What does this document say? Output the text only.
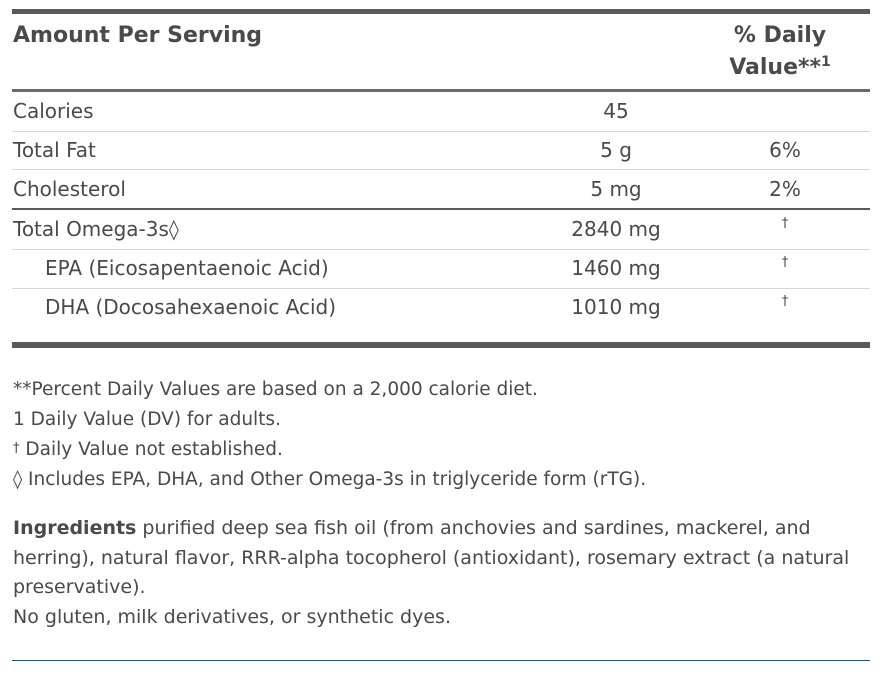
Amount Per Serving	% Daily
Value**$^1$
Calories	45
Total Fat	5 g	6%
Cholesterol	5 mg	2%
Total Omega-3s◊	2840 mg	†
EPA (Eicosapentaenoic Acid)	1460 mg	†
DHA (Docosahexaenoic Acid)	1010 mg	†
**Percent Daily Values are based on a 2,000 calorie diet.
1 Daily Value (DV) for adults.
† Daily Value not established.
◊ Includes EPA, DHA, and Other Omega-3s in triglyceride form (rTG).
Ingredients purified deep sea fish oil (from anchovies and sardines, mackerel, and herring), natural flavor, RRR-alpha tocopherol (antioxidant), rosemary extract (a natural preservative).
No gluten, milk derivatives, or synthetic dyes.
